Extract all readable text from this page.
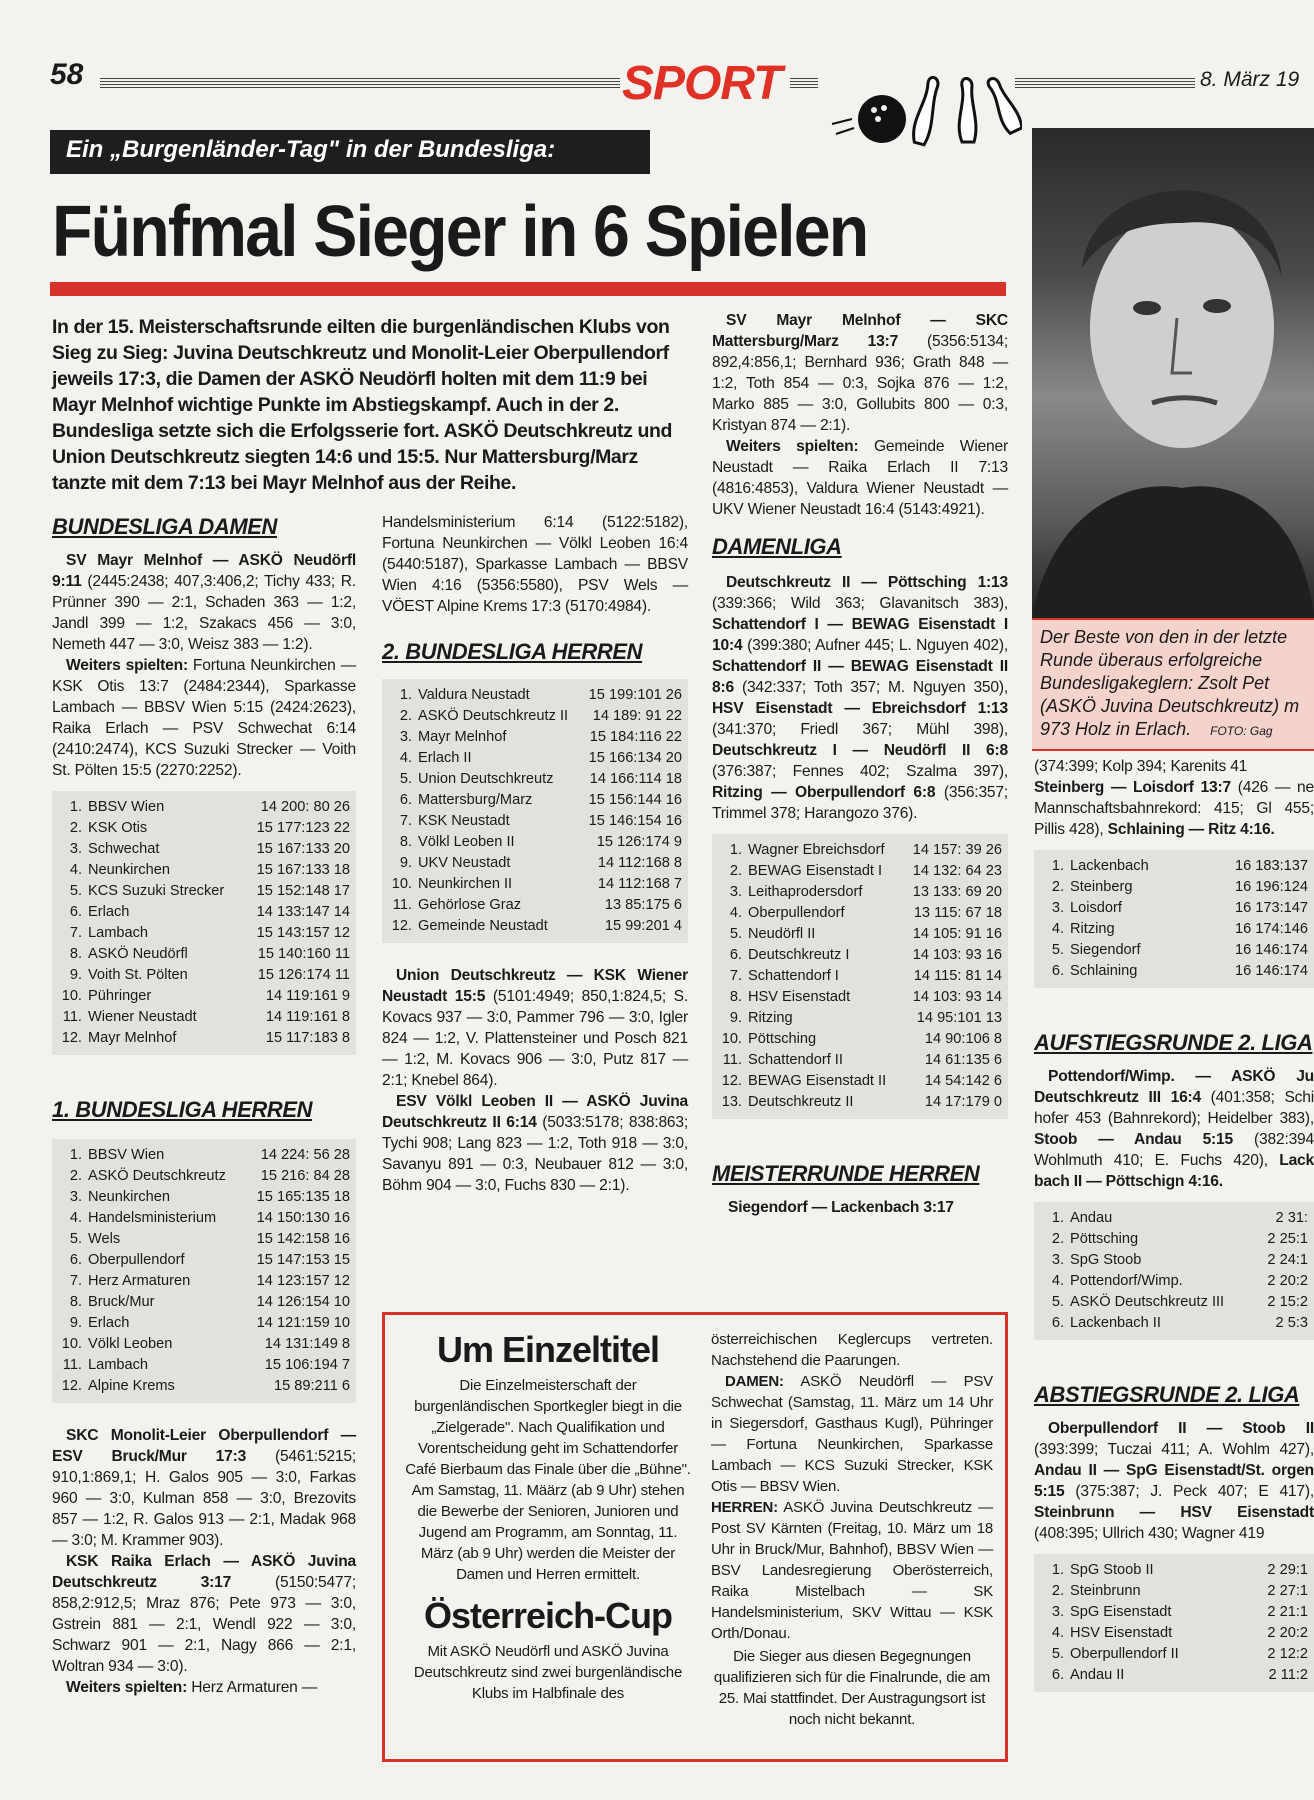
58	SPORT	8. März 19
Ein „Burgenländer-Tag" in der Bundesliga:
Fünfmal Sieger in 6 Spielen
In der 15. Meisterschaftsrunde eilten die burgenländischen Klubs von Sieg zu Sieg: Juvina Deutschkreutz und Monolit-Leier Oberpullendorf jeweils 17:3, die Damen der ASKÖ Neudörfl holten mit dem 11:9 bei Mayr Melnhof wichtige Punkte im Abstiegskampf. Auch in der 2. Bundesliga setzte sich die Erfolgsserie fort. ASKÖ Deutschkreutz und Union Deutschkreutz siegten 14:6 und 15:5. Nur Mattersburg/Marz tanzte mit dem 7:13 bei Mayr Melnhof aus der Reihe.
BUNDESLIGA DAMEN
SV Mayr Melnhof — ASKÖ Neudörfl 9:11 (2445:2438; 407,3:406,2; Tichy 433; R. Prünner 390 — 2:1, Schaden 363 — 1:2, Jandl 399 — 1:2, Szakacs 456 — 3:0, Nemeth 447 — 3:0, Weisz 383 — 1:2).
Weiters spielten: Fortuna Neunkirchen — KSK Otis 13:7 (2484:2344), Sparkasse Lambach — BBSV Wien 5:15 (2424:2623), Raika Erlach — PSV Schwechat 6:14 (2410:2474), KCS Suzuki Strecker — Voith St. Pölten 15:5 (2270:2252).
1. BBSV Wien	14 200: 80 26
2. KSK Otis	15 177:123 22
3. Schwechat	15 167:133 20
4. Neunkirchen	15 167:133 18
5. KCS Suzuki Strecker 15 152:148 17
6. Erlach	14 133:147 14
7. Lambach	15 143:157 12
8. ASKÖ Neudörfl	15 140:160 11
9. Voith St. Pölten	15 126:174 11
10. Pühringer	14 119:161 9
11. Wiener Neustadt	14 119:161 8
12. Mayr Melnhof	15 117:183 8
1. BUNDESLIGA HERREN
1. BBSV Wien	14 224: 56 28
2. ASKÖ Deutschkreutz 15 216: 84 28
3. Neunkirchen	15 165:135 18
4. Handelsministerium	14 150:130 16
5. Wels	15 142:158 16
6. Oberpullendorf	15 147:153 15
7. Herz Armaturen	14 123:157 12
8. Bruck/Mur	14 126:154 10
9. Erlach	14 121:159 10
10. Völkl Leoben	14 131:149 8
11. Lambach	15 106:194 7
12. Alpine Krems	15 89:211 6
SKC Monolit-Leier Oberpullendorf — ESV Bruck/Mur 17:3 (5461:5215; 910,1:869,1; H. Galos 905 — 3:0, Farkas 960 — 3:0, Kulman 858 — 3:0, Brezovits 857 — 1:2, R. Galos 913 — 2:1, Madak 968 — 3:0; M. Krammer 903).
KSK Raika Erlach — ASKÖ Juvina Deutschkreutz 3:17 (5150:5477; 858,2:912,5; Mraz 876; Pete 973 — 3:0, Gstrein 881 — 2:1, Wendl 922 — 3:0, Schwarz 901 — 2:1, Nagy 866 — 2:1, Woltran 934 — 3:0).
Weiters spielten: Herz Armaturen —
Handelsministerium 6:14 (5122:5182), Fortuna Neunkirchen — Völkl Leoben 16:4 (5440:5187), Sparkasse Lambach — BBSV Wien 4:16 (5356:5580), PSV Wels — VÖEST Alpine Krems 17:3 (5170:4984).
2. BUNDESLIGA HERREN
1. Valdura Neustadt	15 199:101 26
2. ASKÖ Deutschkreutz II 14 189: 91 22
3. Mayr Melnhof	15 184:116 22
4. Erlach II	15 166:134 20
5. Union Deutschkreutz 14 166:114 18
6. Mattersburg/Marz	15 156:144 16
7. KSK Neustadt	15 146:154 16
8. Völkl Leoben II	15 126:174 9
9. UKV Neustadt	14 112:168 8
10. Neunkirchen II	14 112:168 7
11. Gehörlose Graz	13 85:175 6
12. Gemeinde Neustadt	15 99:201 4
Union Deutschkreutz — KSK Wiener Neustadt 15:5 (5101:4949; 850,1:824,5; S. Kovacs 937 — 3:0, Pammer 796 — 3:0, Igler 824 — 1:2, V. Plattensteiner und Posch 821 — 1:2, M. Kovacs 906 — 3:0, Putz 817 — 2:1; Knebel 864).
ESV Völkl Leoben II — ASKÖ Juvina Deutschkreutz II 6:14 (5033:5178; 838:863; Tychi 908; Lang 823 — 1:2, Toth 918 — 3:0, Savanyu 891 — 0:3, Neubauer 812 — 3:0, Böhm 904 — 3:0, Fuchs 830 — 2:1).
SV Mayr Melnhof — SKC Mattersburg/Marz 13:7 (5356:5134; 892,4:856,1; Bernhard 936; Grath 848 — 1:2, Toth 854 — 0:3, Sojka 876 — 1:2, Marko 885 — 3:0, Gollubits 800 — 0:3, Kristyan 874 — 2:1).
Weiters spielten: Gemeinde Wiener Neustadt — Raika Erlach II 7:13 (4816:4853), Valdura Wiener Neustadt — UKV Wiener Neustadt 16:4 (5143:4921).
DAMENLIGA
Deutschkreutz II — Pöttsching 1:13 (339:366; Wild 363; Glavanitsch 383), Schattendorf I — BEWAG Eisenstadt I 10:4 (399:380; Aufner 445; L. Nguyen 402), Schattendorf II — BEWAG Eisenstadt II 8:6 (342:337; Toth 357; M. Nguyen 350), HSV Eisenstadt — Ebreichsdorf 1:13 (341:370; Friedl 367; Mühl 398), Deutschkreutz I — Neudörfl II 6:8 (376:387; Fennes 402; Szalma 397), Ritzing — Oberpullendorf 6:8 (356:357; Trimmel 378; Harangozo 376).
1. Wagner Ebreichsdorf 14 157: 39 26
2. BEWAG Eisenstadt I 14 132: 64 23
3. Leithaprodersdorf	13 133: 69 20
4. Oberpullendorf	13 115: 67 18
5. Neudörfl II	14 105: 91 16
6. Deutschkreutz I	14 103: 93 16
7. Schattendorf I	14 115: 81 14
8. HSV Eisenstadt	14 103: 93 14
9. Ritzing	14 95:101 13
10. Pöttsching	14 90:106 8
11. Schattendorf II	14 61:135 6
12. BEWAG Eisenstadt II	14 54:142 6
13. Deutschkreutz II	14 17:179 0
MEISTERRUNDE HERREN
Siegendorf — Lackenbach 3:17
Der Beste von den in der letzte Runde überaus erfolgreiche Bundesligakeglern: Zsolt Pet (ASKÖ Juvina Deutschkreutz) m 973 Holz in Erlach. FOTO: Gag
(374:399; Kolp 394; Karenits 41
Steinberg — Loisdorf 13:7 (426 — ne Mannschaftsbahnrekord: 415; Gl 455; Pillis 428), Schlaining — Ritz 4:16.
1. Lackenbach	16 183:137
2. Steinberg	16 196:124
3. Loisdorf	16 173:147
4. Ritzing	16 174:146
5. Siegendorf	16 146:174
6. Schlaining	16 146:174
AUFSTIEGSRUNDE 2. LIGA
Pottendorf/Wimp. — ASKÖ Ju Deutschkreutz III 16:4 (401:358; Schi hofer 453 (Bahnrekord); Heidelber 383), Stoob — Andau 5:15 (382:394 Wohlmuth 410; E. Fuchs 420), Lack bach II — Pöttschign 4:16.
1. Andau	2 31:
2. Pöttsching	2 25:1
3. SpG Stoob	2 24:1
4. Pottendorf/Wimp.	2 20:2
5. ASKÖ Deutschkreutz III	2 15:2
6. Lackenbach II	2 5:3
ABSTIEGSRUNDE 2. LIGA
Oberpullendorf II — Stoob II (393:399; Tuczai 411; A. Wohlm 427), Andau II — SpG Eisenstadt/St. orgen 5:15 (375:387; J. Peck 407; E 417), Steinbrunn — HSV Eisenstadt (408:395; Ullrich 430; Wagner 419
1. SpG Stoob II	2 29:1
2. Steinbrunn	2 27:1
3. SpG Eisenstadt	2 21:1
4. HSV Eisenstadt	2 20:2
5. Oberpullendorf II	2 12:2
6. Andau II	2 11:2
Um Einzeltitel
Die Einzelmeisterschaft der burgenländischen Sportkegler biegt in die „Zielgerade". Nach Qualifikation und Vorentscheidung geht im Schattendorfer Café Bierbaum das Finale über die „Bühne". Am Samstag, 11. Määrz (ab 9 Uhr) stehen die Bewerbe der Senioren, Junioren und Jugend am Programm, am Sonntag, 11. März (ab 9 Uhr) werden die Meister der Damen und Herren ermittelt.
Österreich-Cup
Mit ASKÖ Neudörfl und ASKÖ Juvina Deutschkreutz sind zwei burgenländische Klubs im Halbfinale des
österreichischen Keglercups vertreten. Nachstehend die Paarungen.
DAMEN: ASKÖ Neudörfl — PSV Schwechat (Samstag, 11. März um 14 Uhr in Siegersdorf, Gasthaus Kugl), Pühringer — Fortuna Neunkirchen, Sparkasse Lambach — KCS Suzuki Strecker, KSK Otis — BBSV Wien.
HERREN: ASKÖ Juvina Deutschkreutz — Post SV Kärnten (Freitag, 10. März um 18 Uhr in Bruck/Mur, Bahnhof), BBSV Wien — BSV Landesregierung Oberösterreich, Raika Mistelbach — SK Handelsministerium, SKV Wittau — KSK Orth/Donau.
Die Sieger aus diesen Begegnungen qualifizieren sich für die Finalrunde, die am 25. Mai stattfindet. Der Austragungsort ist noch nicht bekannt.
